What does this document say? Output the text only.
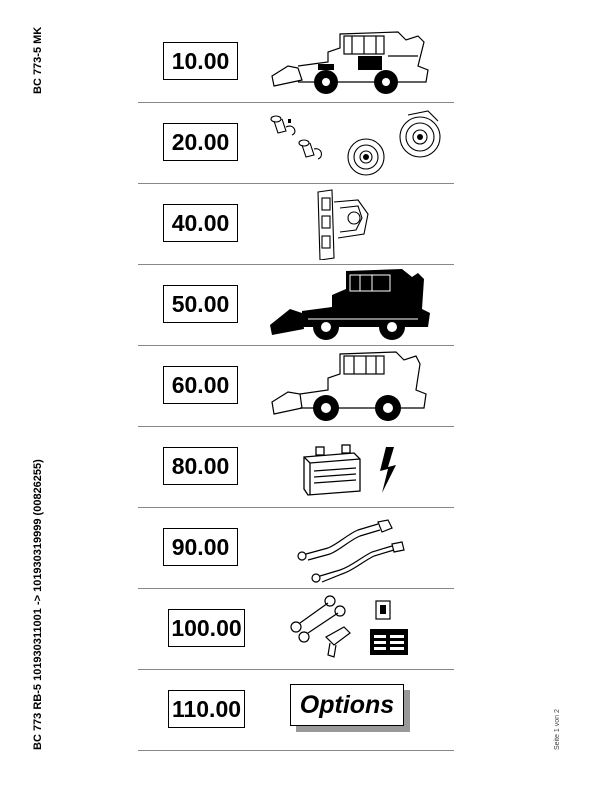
BC 773-5 MK
BC 773 RB-5 101930311001 -> 101930319999 (00826255)	Seite 1 von 2
10.00
20.00
40.00
50.00
60.00
80.00
90.00
100.00
110.00	Options
